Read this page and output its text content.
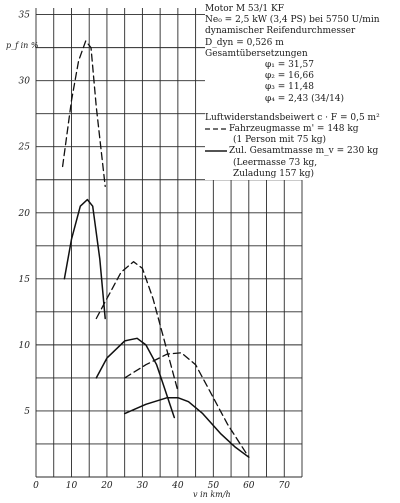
0	10	20	30	40	50	60	70
5
10
15
20
25
30
35
v in km/h
p_f in %
Motor M 53/1 KF
Ne₀ = 2,5 kW (3,4 PS) bei 5750 U/min
dynamischer Reifendurchmesser
D_dyn = 0,526 m
Gesamtübersetzungen
φ₁ = 31,57
φ₂ = 16,66
φ₃ = 11,48
φ₄ = 2,43 (34/14)
Luftwiderstandsbeiwert c · F = 0,5 m²
Fahrzeugmasse m' = 148 kg
(1 Person mit 75 kg)
Zul. Gesamtmasse m_v = 230 kg
(Leermasse 73 kg,
Zuladung 157 kg)
